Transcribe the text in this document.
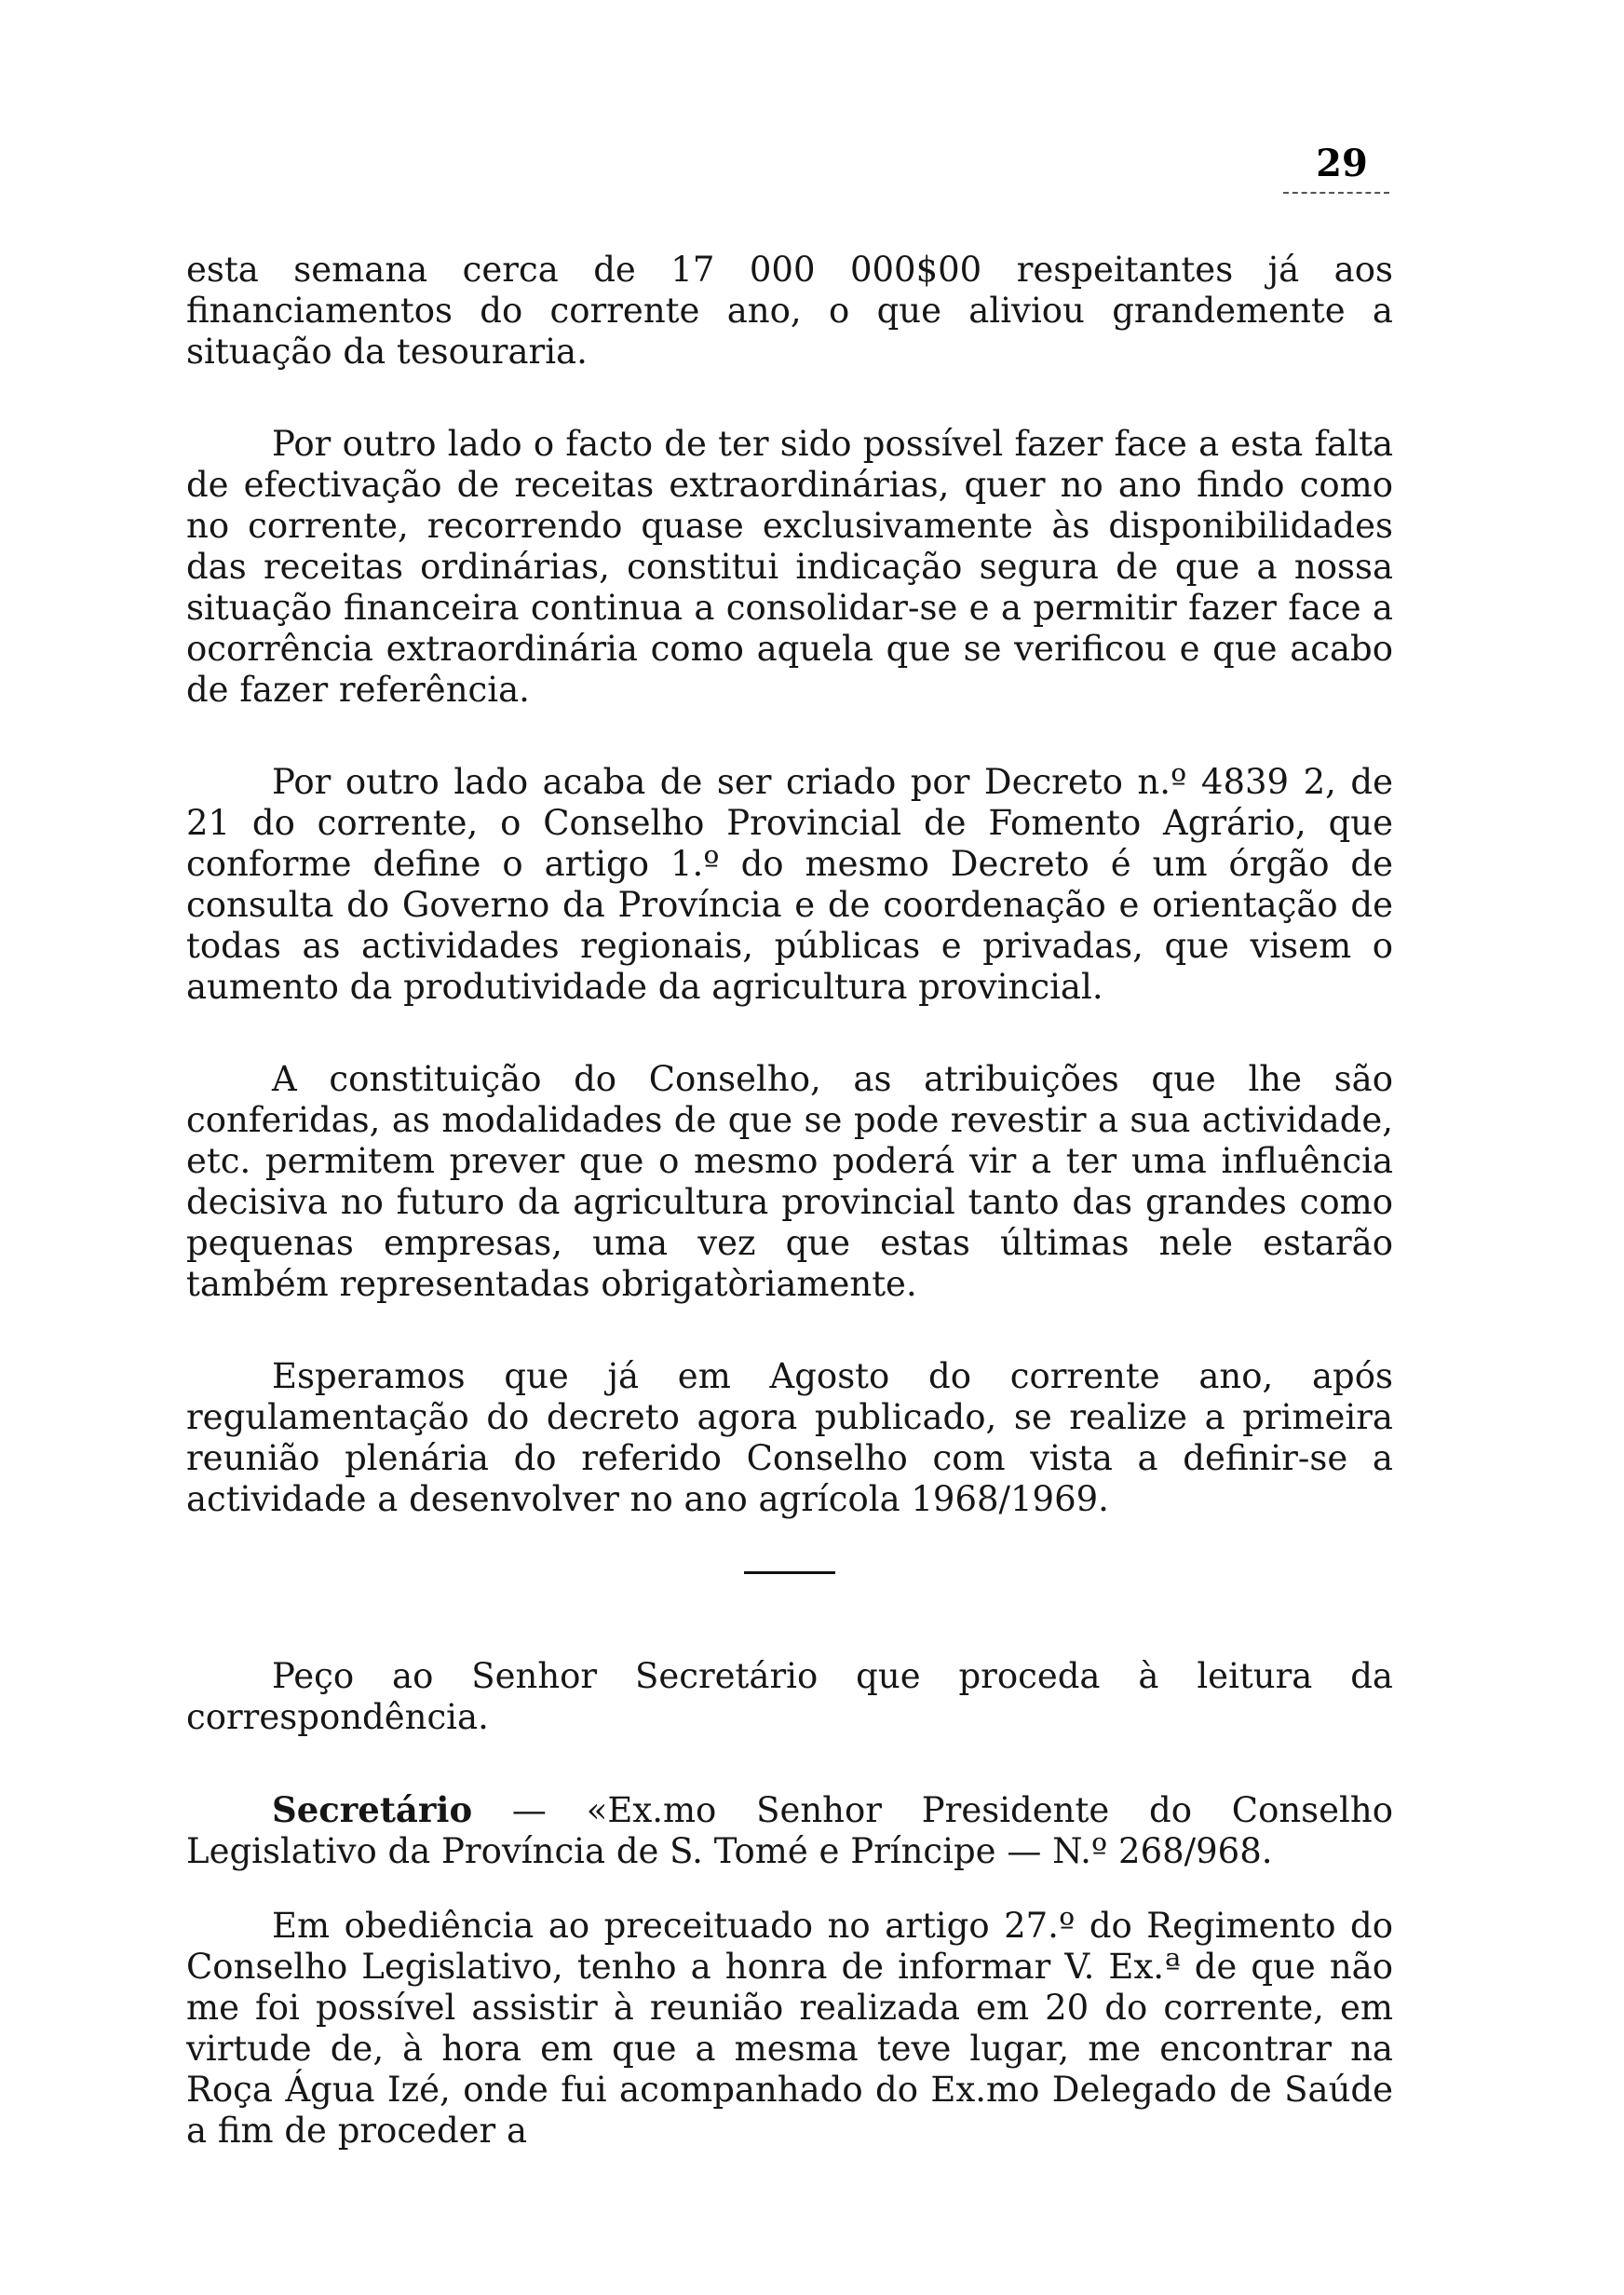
29

esta semana cerca de 17 000 000$00 respeitantes já aos financiamentos do corrente ano, o que aliviou grandemente a situação da tesouraria.

Por outro lado o facto de ter sido possível fazer face a esta falta de efectivação de receitas extraordinárias, quer no ano findo como no corrente, recorrendo quase exclusivamente às disponibilidades das receitas ordinárias, constitui indicação segura de que a nossa situação financeira continua a consolidar-se e a permitir fazer face a ocorrência extraordinária como aquela que se verificou e que acabo de fazer referência.

Por outro lado acaba de ser criado por Decreto n.º 4839 2, de 21 do corrente, o Conselho Provincial de Fomento Agrário, que conforme define o artigo 1.º do mesmo Decreto é um órgão de consulta do Governo da Província e de coordenação e orientação de todas as actividades regionais, públicas e privadas, que visem o aumento da produtividade da agricultura provincial.

A constituição do Conselho, as atribuições que lhe são conferidas, as modalidades de que se pode revestir a sua actividade, etc. permitem prever que o mesmo poderá vir a ter uma influência decisiva no futuro da agricultura provincial tanto das grandes como pequenas empresas, uma vez que estas últimas nele estarão também representadas obrigatòriamente.

Esperamos que já em Agosto do corrente ano, após regulamentação do decreto agora publicado, se realize a primeira reunião plenária do referido Conselho com vista a definir-se a actividade a desenvolver no ano agrícola 1968/1969.

Peço ao Senhor Secretário que proceda à leitura da correspondência.

Secretário — «Ex.mo Senhor Presidente do Conselho Legislativo da Província de S. Tomé e Príncipe — N.º 268/968.

Em obediência ao preceituado no artigo 27.º do Regimento do Conselho Legislativo, tenho a honra de informar V. Ex.ª de que não me foi possível assistir à reunião realizada em 20 do corrente, em virtude de, à hora em que a mesma teve lugar, me encontrar na Roça Água Izé, onde fui acompanhado do Ex.mo Delegado de Saúde a fim de proceder a
